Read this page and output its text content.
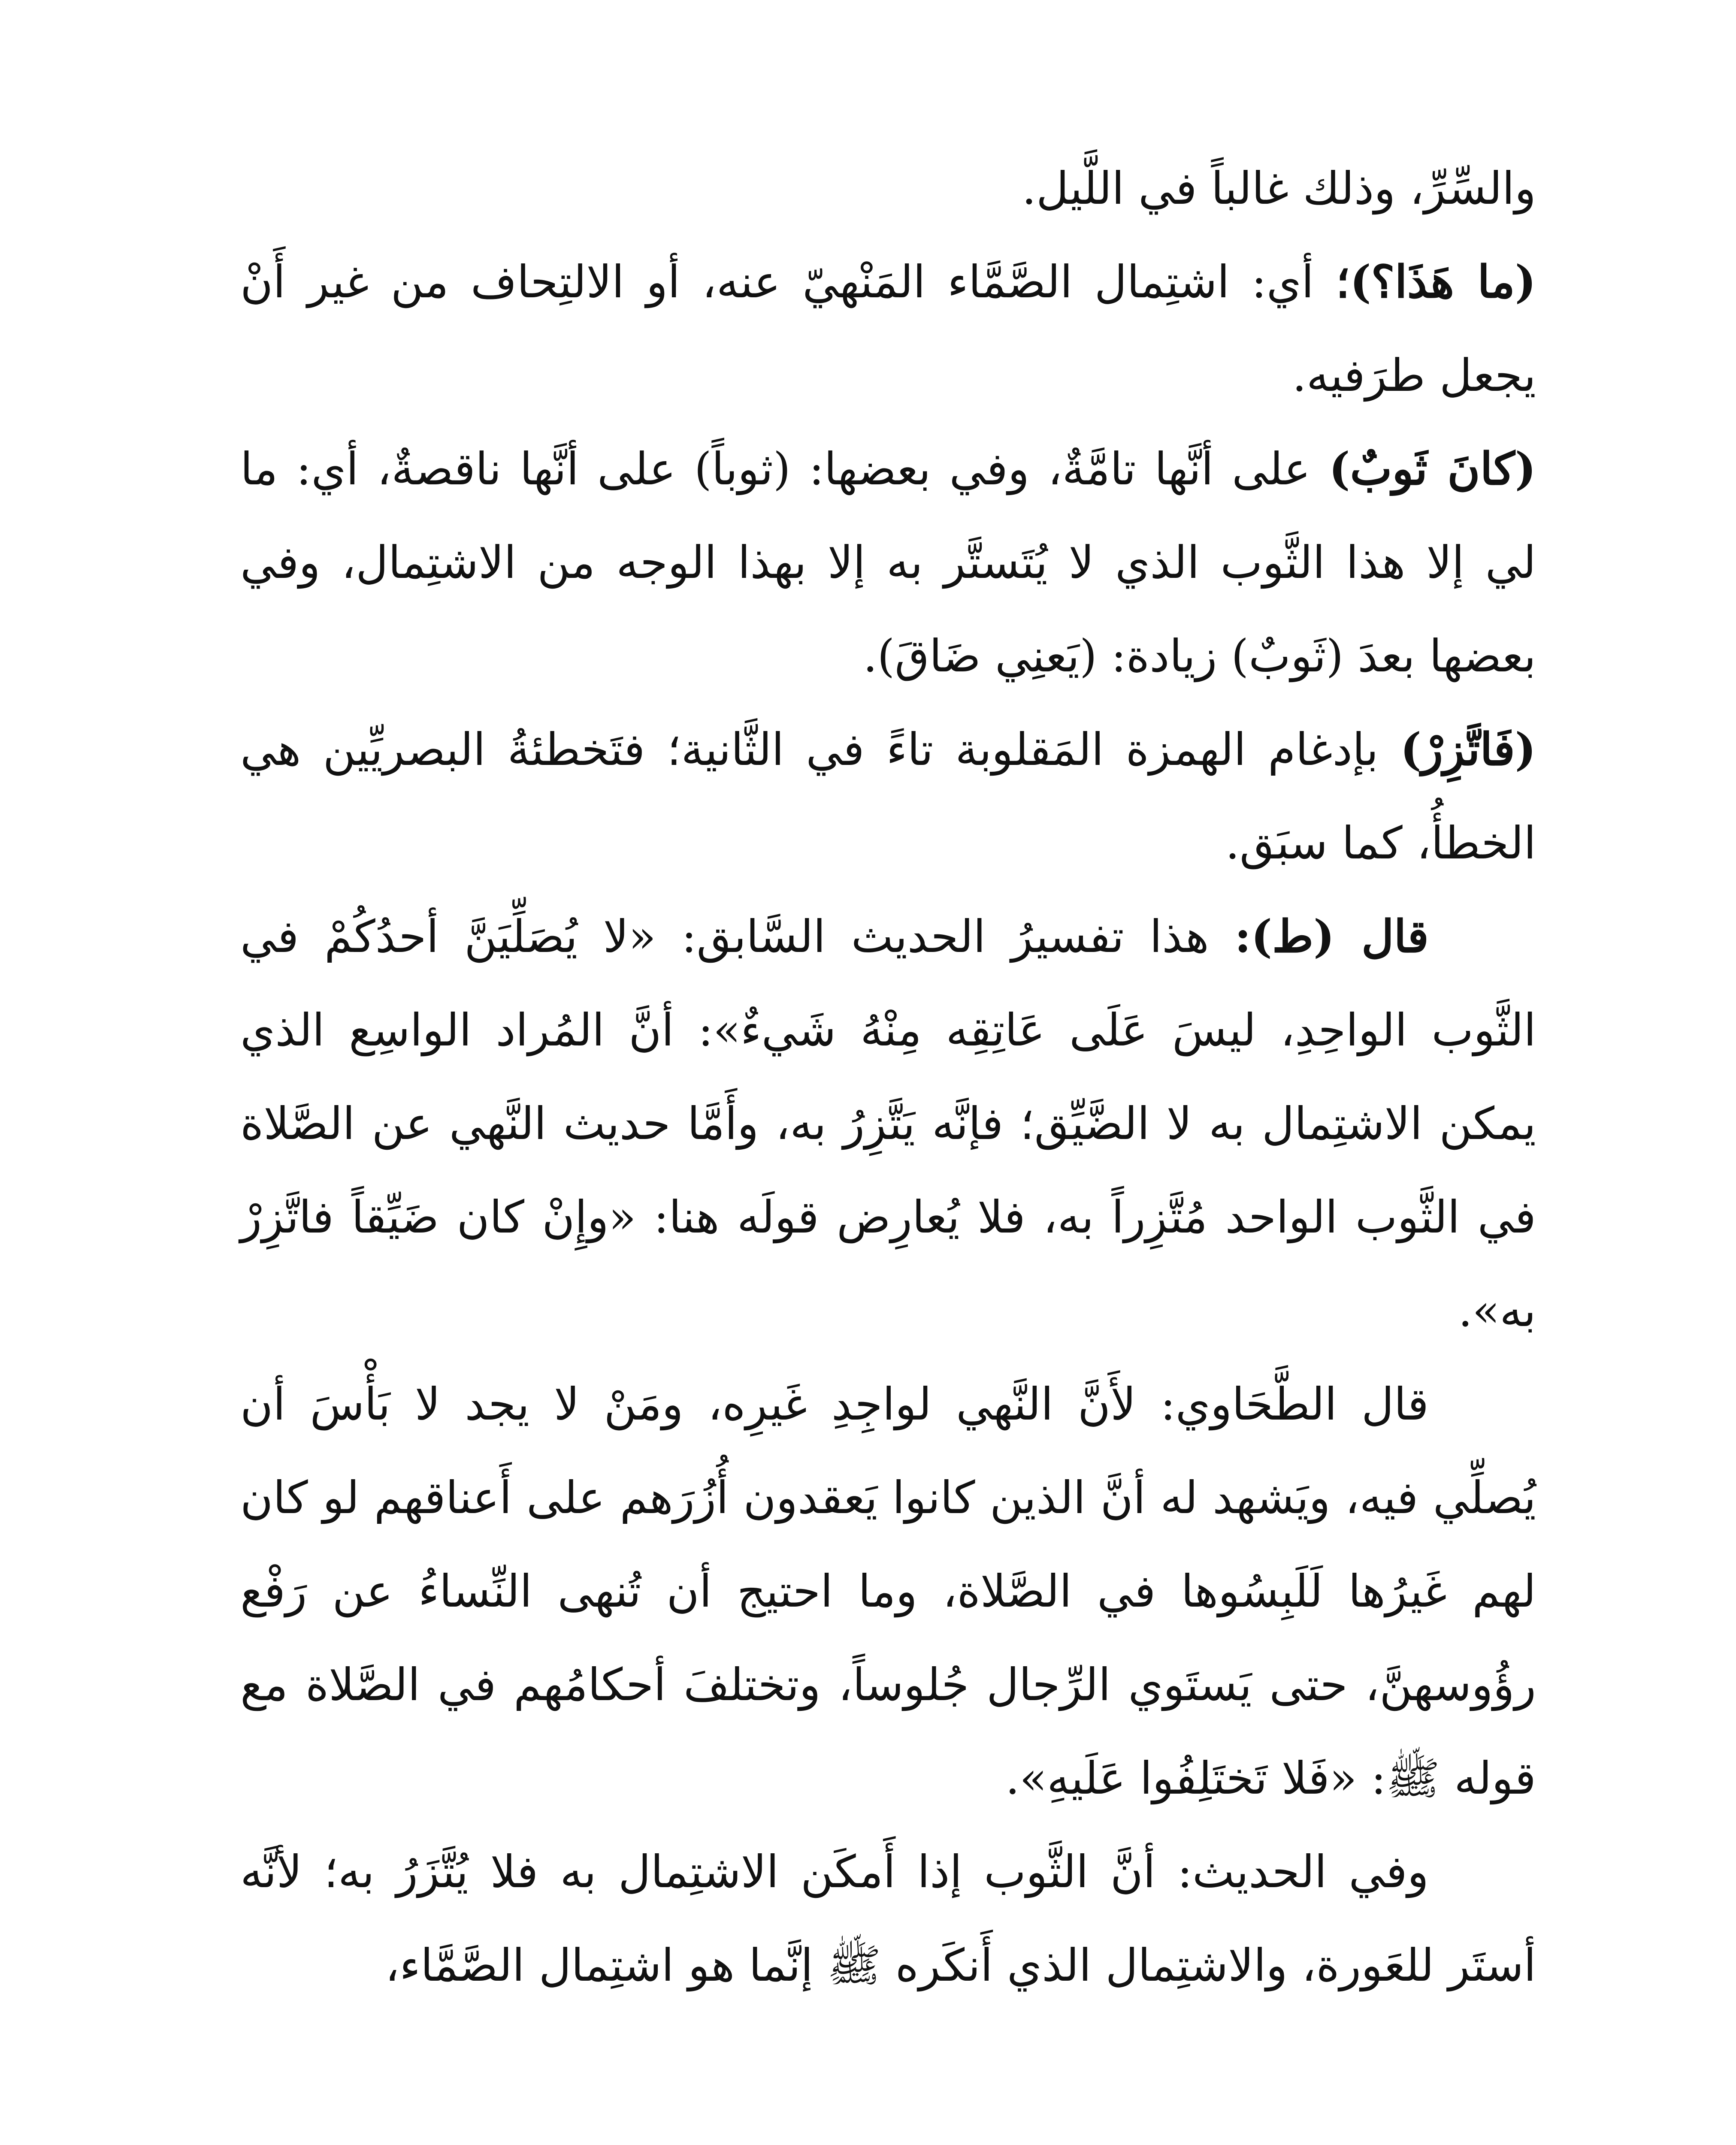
والسِّرِّ، وذلك غالباً في اللَّيل.

(ما هَذَا؟)؛ أي: اشتِمال الصَّمَّاء المَنْهيّ عنه، أو الالتِحاف من غير أَنْ يجعل طرَفيه.

(كانَ ثَوبٌ) على أنَّها تامَّةٌ، وفي بعضها: (ثوباً) على أنَّها ناقصةٌ، أي: ما لي إلا هذا الثَّوب الذي لا يُتَستَّر به إلا بهذا الوجه من الاشتِمال، وفي بعضها بعدَ (ثَوبٌ) زيادة: (يَعنِي ضَاقَ).

(فَاتَّزِرْ) بإدغام الهمزة المَقلوبة تاءً في الثَّانية؛ فتَخطئةُ البصريِّين هي الخطأُ، كما سبَق.

قال (ط): هذا تفسيرُ الحديث السَّابق: «لا يُصَلِّيَنَّ أحدُكُمْ في الثَّوب الواحِدِ، ليسَ عَلَى عَاتِقِه مِنْهُ شَيءٌ»: أنَّ المُراد الواسِع الذي يمكن الاشتِمال به لا الضَّيِّق؛ فإنَّه يَتَّزِرُ به، وأَمَّا حديث النَّهي عن الصَّلاة في الثَّوب الواحد مُتَّزِراً به، فلا يُعارِض قولَه هنا: «وإِنْ كان ضَيِّقاً فاتَّزِرْ به».

قال الطَّحَاوي: لأَنَّ النَّهي لواجِدِ غَيرِه، ومَنْ لا يجد لا بَأْسَ أن يُصلِّي فيه، ويَشهد له أنَّ الذين كانوا يَعقدون أُزُرَهم على أَعناقهم لو كان لهم غَيرُها لَلَبِسُوها في الصَّلاة، وما احتيج أن تُنهى النِّساءُ عن رَفْع رؤُوسهنَّ، حتى يَستَوي الرِّجال جُلوساً، وتختلفَ أحكامُهم في الصَّلاة مع قوله ﷺ: «فَلا تَختَلِفُوا عَلَيهِ».

وفي الحديث: أنَّ الثَّوب إذا أَمكَن الاشتِمال به فلا يُتَّزَرُ به؛ لأنَّه أستَر للعَورة، والاشتِمال الذي أَنكَره ﷺ إنَّما هو اشتِمال الصَّمَّاء،
